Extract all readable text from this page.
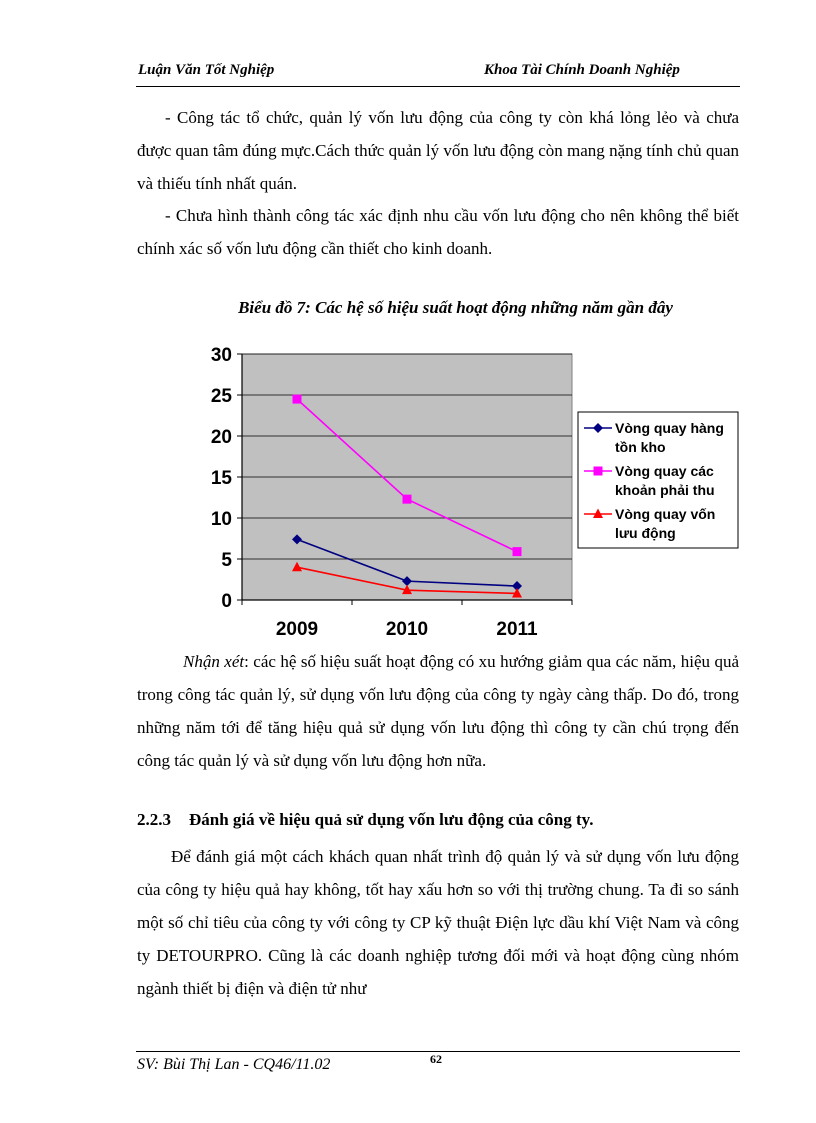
Luận Văn Tốt Nghiệp	Khoa Tài Chính Doanh Nghiệp

- Công tác tổ chức, quản lý vốn lưu động của công ty còn khá lỏng lẻo và chưa được quan tâm đúng mực.Cách thức quản lý vốn lưu động còn mang nặng tính chủ quan và thiếu tính nhất quán.

- Chưa hình thành công tác xác định nhu cầu vốn lưu động cho nên không thể biết chính xác số vốn lưu động cần thiết cho kinh doanh.

Biểu đồ 7: Các hệ số hiệu suất hoạt động những năm gần đây
0
5
10
15
20
25
30
2009	2010	2011
Vòng quay hàng
tồn kho
Vòng quay các
khoản phải thu
Vòng quay vốn
lưu động

Nhận xét: các hệ số hiệu suất hoạt động có xu hướng giảm qua các năm, hiệu quả trong công tác quản lý, sử dụng vốn lưu động của công ty ngày càng thấp. Do đó, trong những năm tới để tăng hiệu quả sử dụng vốn lưu động thì công ty cần chú trọng đến công tác quản lý và sử dụng vốn lưu động hơn nữa.

2.2.3 Đánh giá về hiệu quả sử dụng vốn lưu động của công ty.

Để đánh giá một cách khách quan nhất trình độ quản lý và sử dụng vốn lưu động của công ty hiệu quả hay không, tốt hay xấu hơn so với thị trường chung. Ta đi so sánh một số chỉ tiêu của công ty với công ty CP kỹ thuật Điện lực dầu khí Việt Nam và công ty DETOURPRO. Cũng là các doanh nghiệp tương đối mới và hoạt động cùng nhóm ngành thiết bị điện và điện tử như

SV: Bùi Thị Lan - CQ46/11.02	62
